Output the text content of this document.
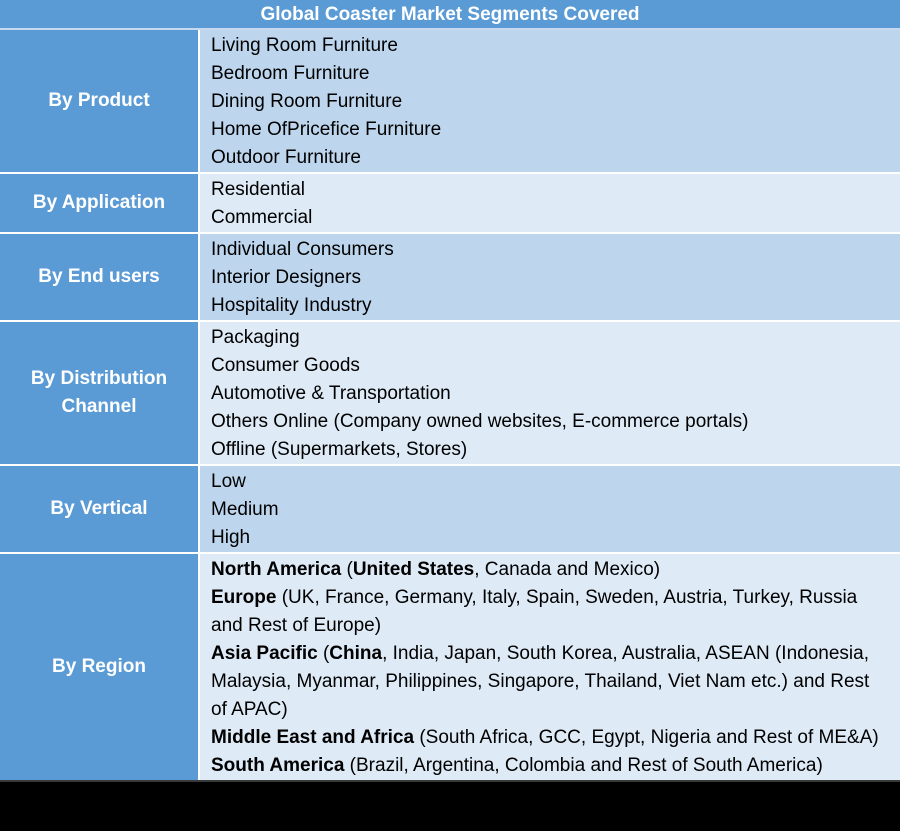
Global Coaster Market Segments Covered
By Product
Living Room Furniture
Bedroom Furniture
Dining Room Furniture
Home OfPricefice Furniture
Outdoor Furniture
By Application
Residential
Commercial
By End users
Individual Consumers
Interior Designers
Hospitality Industry
By Distribution Channel
Packaging
Consumer Goods
Automotive & Transportation
Others Online (Company owned websites, E-commerce portals)
Offline (Supermarkets, Stores)
By Vertical
Low
Medium
High
By Region
North America (United States, Canada and Mexico)
Europe (UK, France, Germany, Italy, Spain, Sweden, Austria, Turkey, Russia
and Rest of Europe)
Asia Pacific (China, India, Japan, South Korea, Australia, ASEAN (Indonesia,
Malaysia, Myanmar, Philippines, Singapore, Thailand, Viet Nam etc.) and Rest
of APAC)
Middle East and Africa (South Africa, GCC, Egypt, Nigeria and Rest of ME&A)
South America (Brazil, Argentina, Colombia and Rest of South America)
